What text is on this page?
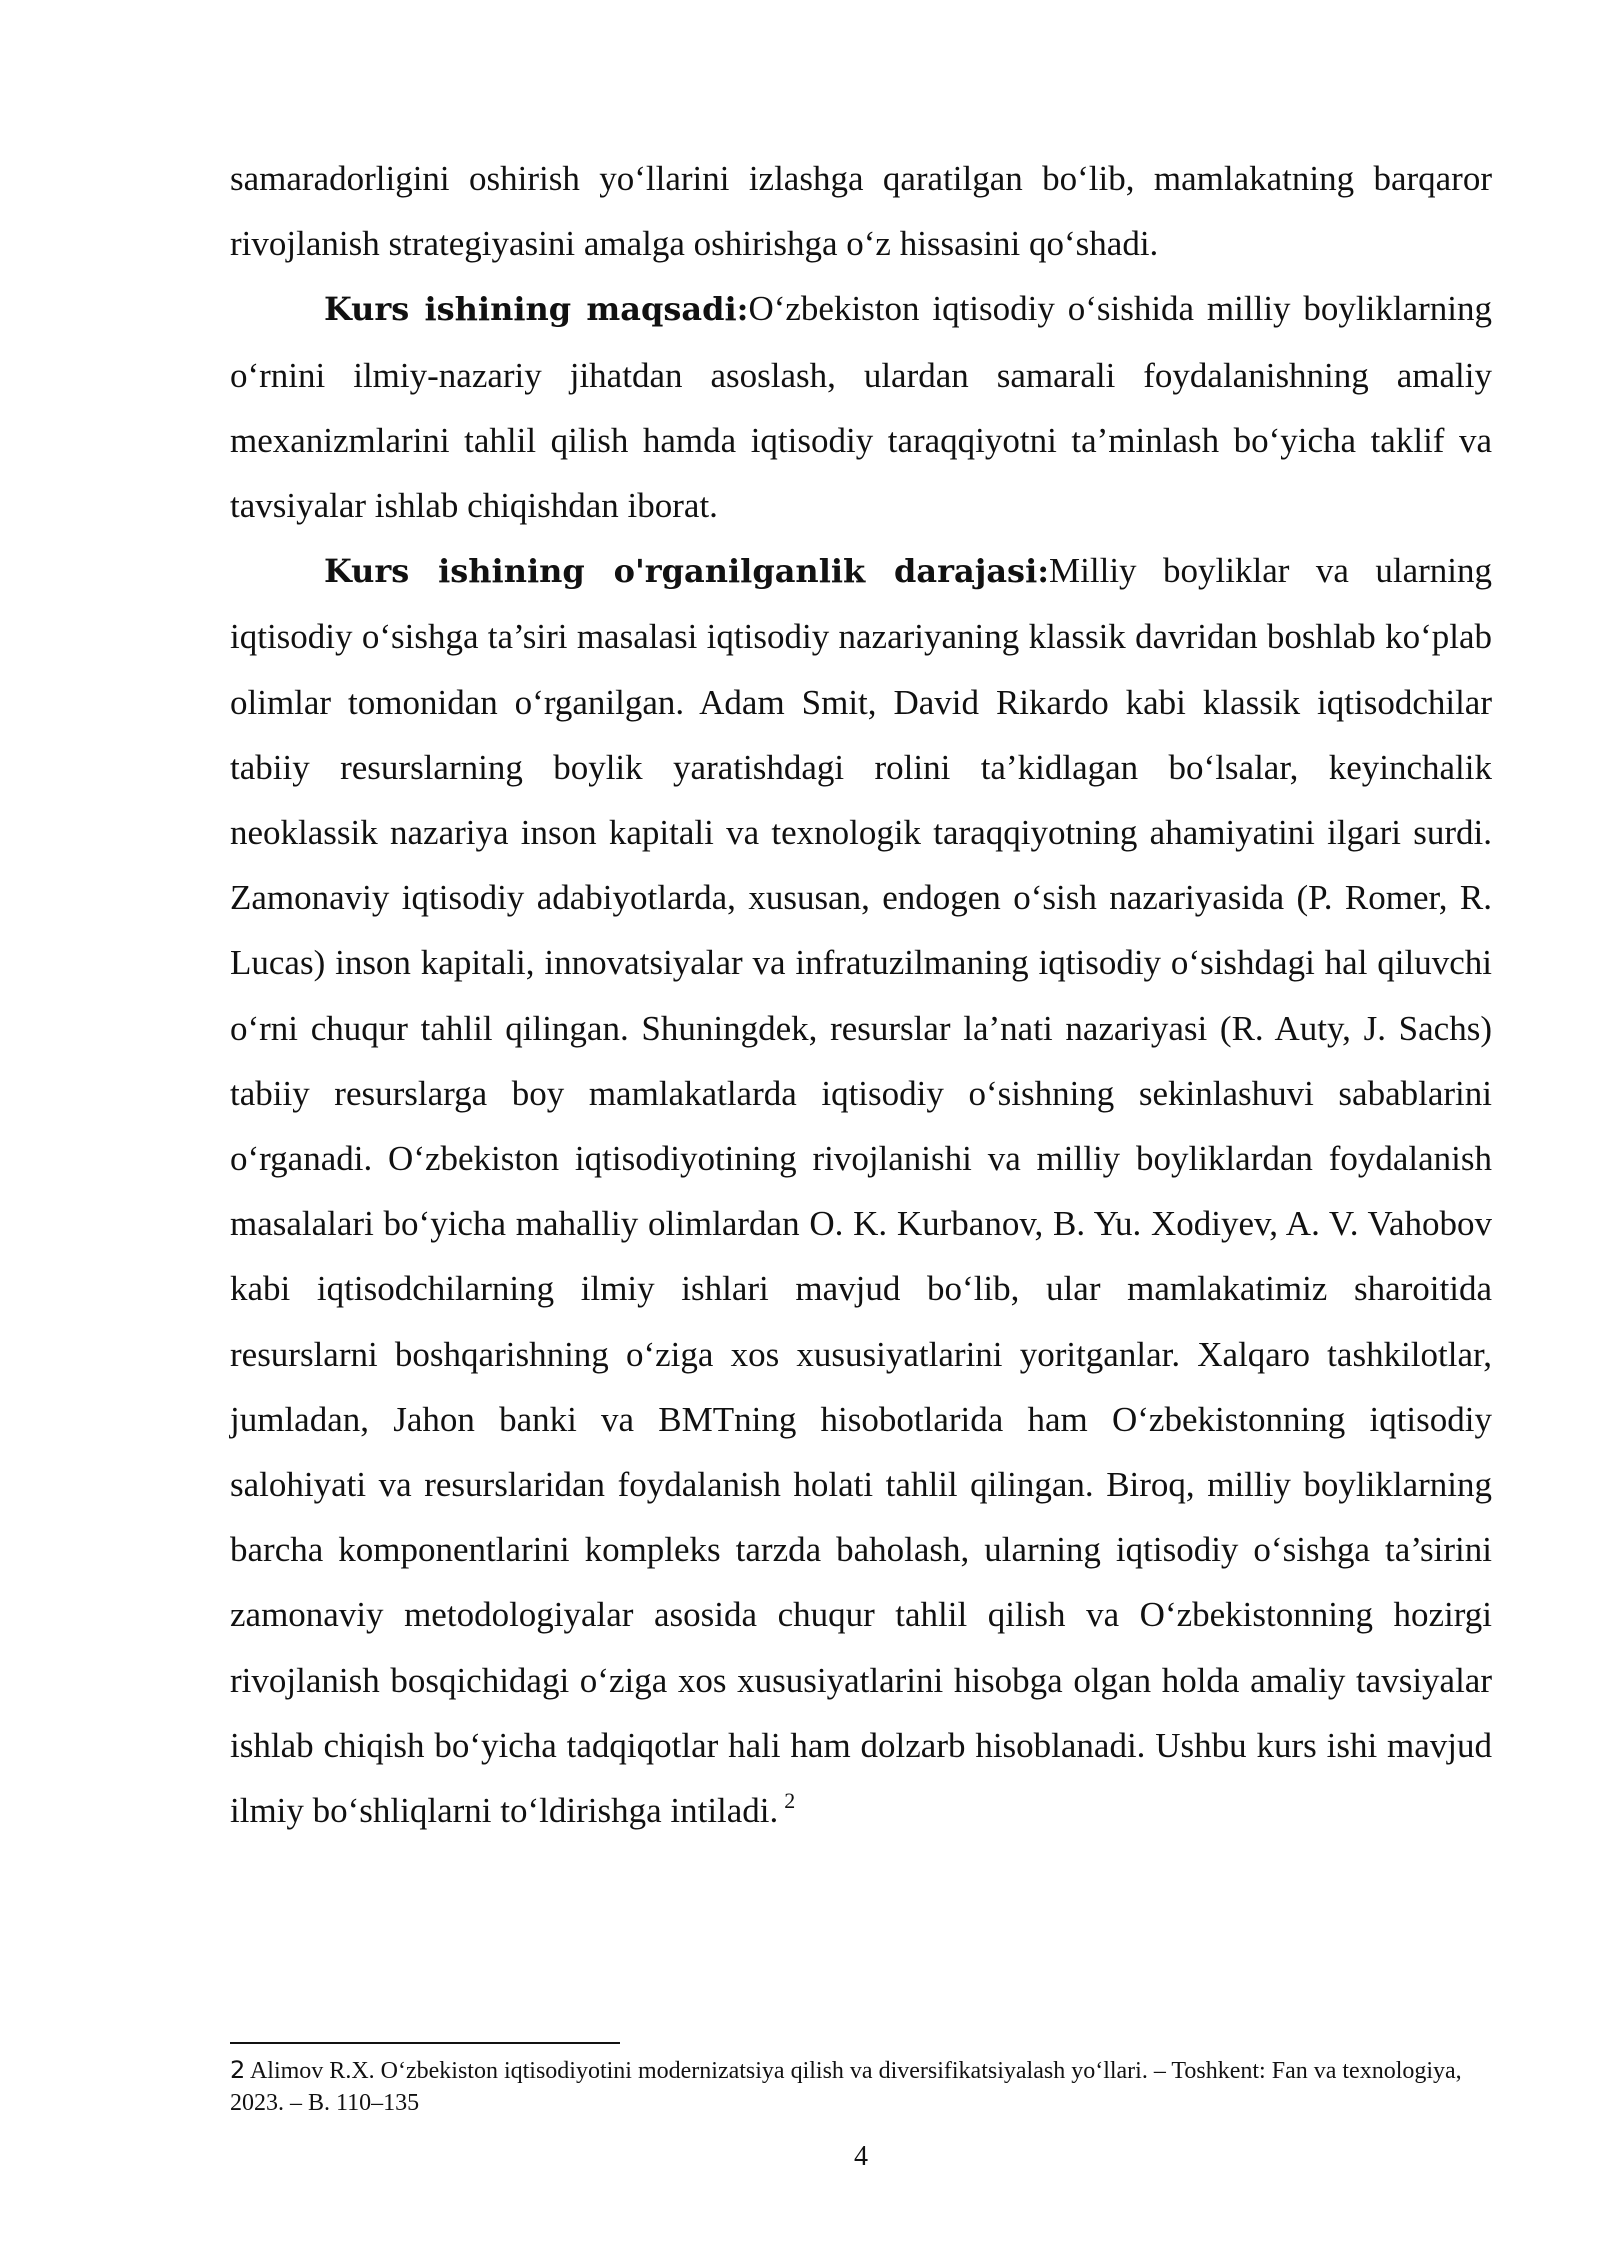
samaradorligini oshirish yo‘llarini izlashga qaratilgan bo‘lib, mamlakatning barqaror rivojlanish strategiyasini amalga oshirishga o‘z hissasini qo‘shadi.

Kurs ishining maqsadi:O‘zbekiston iqtisodiy o‘sishida milliy boyliklarning o‘rnini ilmiy-nazariy jihatdan asoslash, ulardan samarali foydalanishning amaliy mexanizmlarini tahlil qilish hamda iqtisodiy taraqqiyotni ta’minlash bo‘yicha taklif va tavsiyalar ishlab chiqishdan iborat.

Kurs ishining o'rganilganlik darajasi:Milliy boyliklar va ularning iqtisodiy o‘sishga ta’siri masalasi iqtisodiy nazariyaning klassik davridan boshlab ko‘plab olimlar tomonidan o‘rganilgan. Adam Smit, David Rikardo kabi klassik iqtisodchilar tabiiy resurslarning boylik yaratishdagi rolini ta’kidlagan bo‘lsalar, keyinchalik neoklassik nazariya inson kapitali va texnologik taraqqiyotning ahamiyatini ilgari surdi. Zamonaviy iqtisodiy adabiyotlarda, xususan, endogen o‘sish nazariyasida (P. Romer, R. Lucas) inson kapitali, innovatsiyalar va infratuzilmaning iqtisodiy o‘sishdagi hal qiluvchi o‘rni chuqur tahlil qilingan. Shuningdek, resurslar la’nati nazariyasi (R. Auty, J. Sachs) tabiiy resurslarga boy mamlakatlarda iqtisodiy o‘sishning sekinlashuvi sabablarini o‘rganadi. O‘zbekiston iqtisodiyotining rivojlanishi va milliy boyliklardan foydalanish masalalari bo‘yicha mahalliy olimlardan O. K. Kurbanov, B. Yu. Xodiyev, A. V. Vahobov kabi iqtisodchilarning ilmiy ishlari mavjud bo‘lib, ular mamlakatimiz sharoitida resurslarni boshqarishning o‘ziga xos xususiyatlarini yoritganlar. Xalqaro tashkilotlar, jumladan, Jahon banki va BMTning hisobotlarida ham O‘zbekistonning iqtisodiy salohiyati va resurslaridan foydalanish holati tahlil qilingan. Biroq, milliy boyliklarning barcha komponentlarini kompleks tarzda baholash, ularning iqtisodiy o‘sishga ta’sirini zamonaviy metodologiyalar asosida chuqur tahlil qilish va O‘zbekistonning hozirgi rivojlanish bosqichidagi o‘ziga xos xususiyatlarini hisobga olgan holda amaliy tavsiyalar ishlab chiqish bo‘yicha tadqiqotlar hali ham dolzarb hisoblanadi. Ushbu kurs ishi mavjud ilmiy bo‘shliqlarni to‘ldirishga intiladi. $^2$

2 Alimov R.X. O‘zbekiston iqtisodiyotini modernizatsiya qilish va diversifikatsiyalash yo‘llari. – Toshkent: Fan va texnologiya, 2023. – B. 110–135
4
